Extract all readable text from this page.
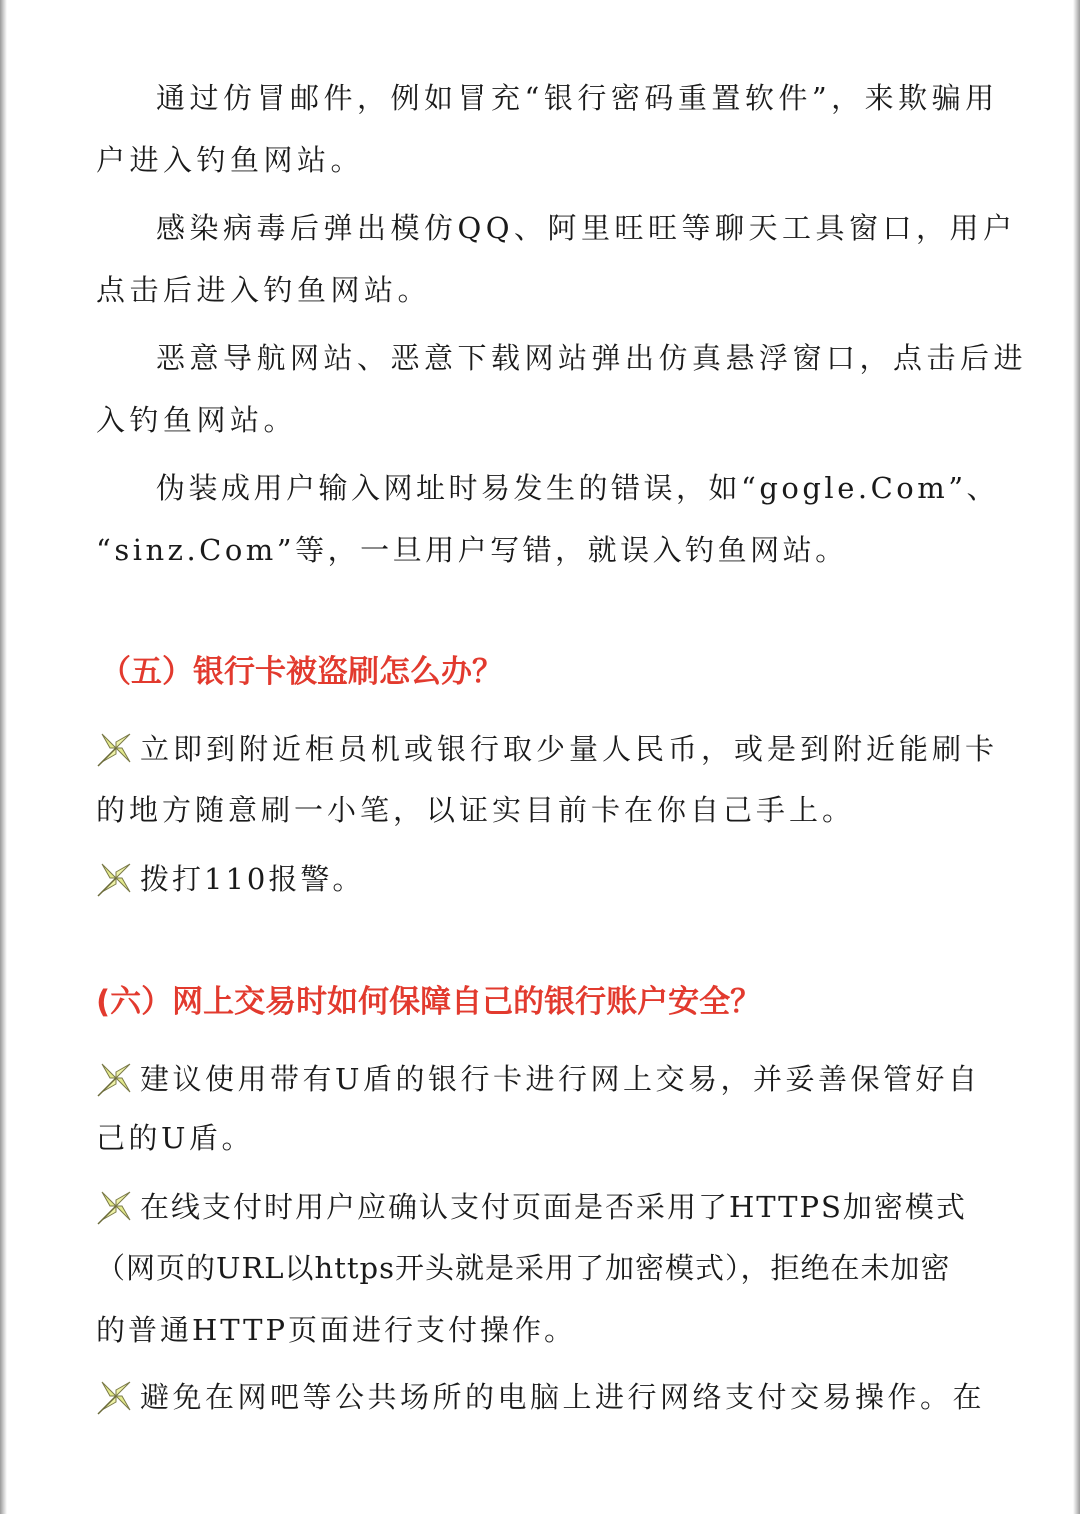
通过仿冒邮件，例如冒充“银行密码重置软件”，来欺骗用

户进入钓鱼网站。

感染病毒后弹出模仿QQ、阿里旺旺等聊天工具窗口，用户

点击后进入钓鱼网站。

恶意导航网站、恶意下载网站弹出仿真悬浮窗口，点击后进

入钓鱼网站。

伪装成用户输入网址时易发生的错误，如“gogle.Com”、

“sinz.Com”等，一旦用户写错，就误入钓鱼网站。

（五）银行卡被盗刷怎么办？

立即到附近柜员机或银行取少量人民币，或是到附近能刷卡

的地方随意刷一小笔，以证实目前卡在你自己手上。

拨打110报警。

(六）网上交易时如何保障自己的银行账户安全？

建议使用带有U盾的银行卡进行网上交易，并妥善保管好自

己的U盾。

在线支付时用户应确认支付页面是否采用了HTTPS加密模式

（网页的URL以https开头就是采用了加密模式），拒绝在未加密

的普通HTTP页面进行支付操作。

避免在网吧等公共场所的电脑上进行网络支付交易操作。在
